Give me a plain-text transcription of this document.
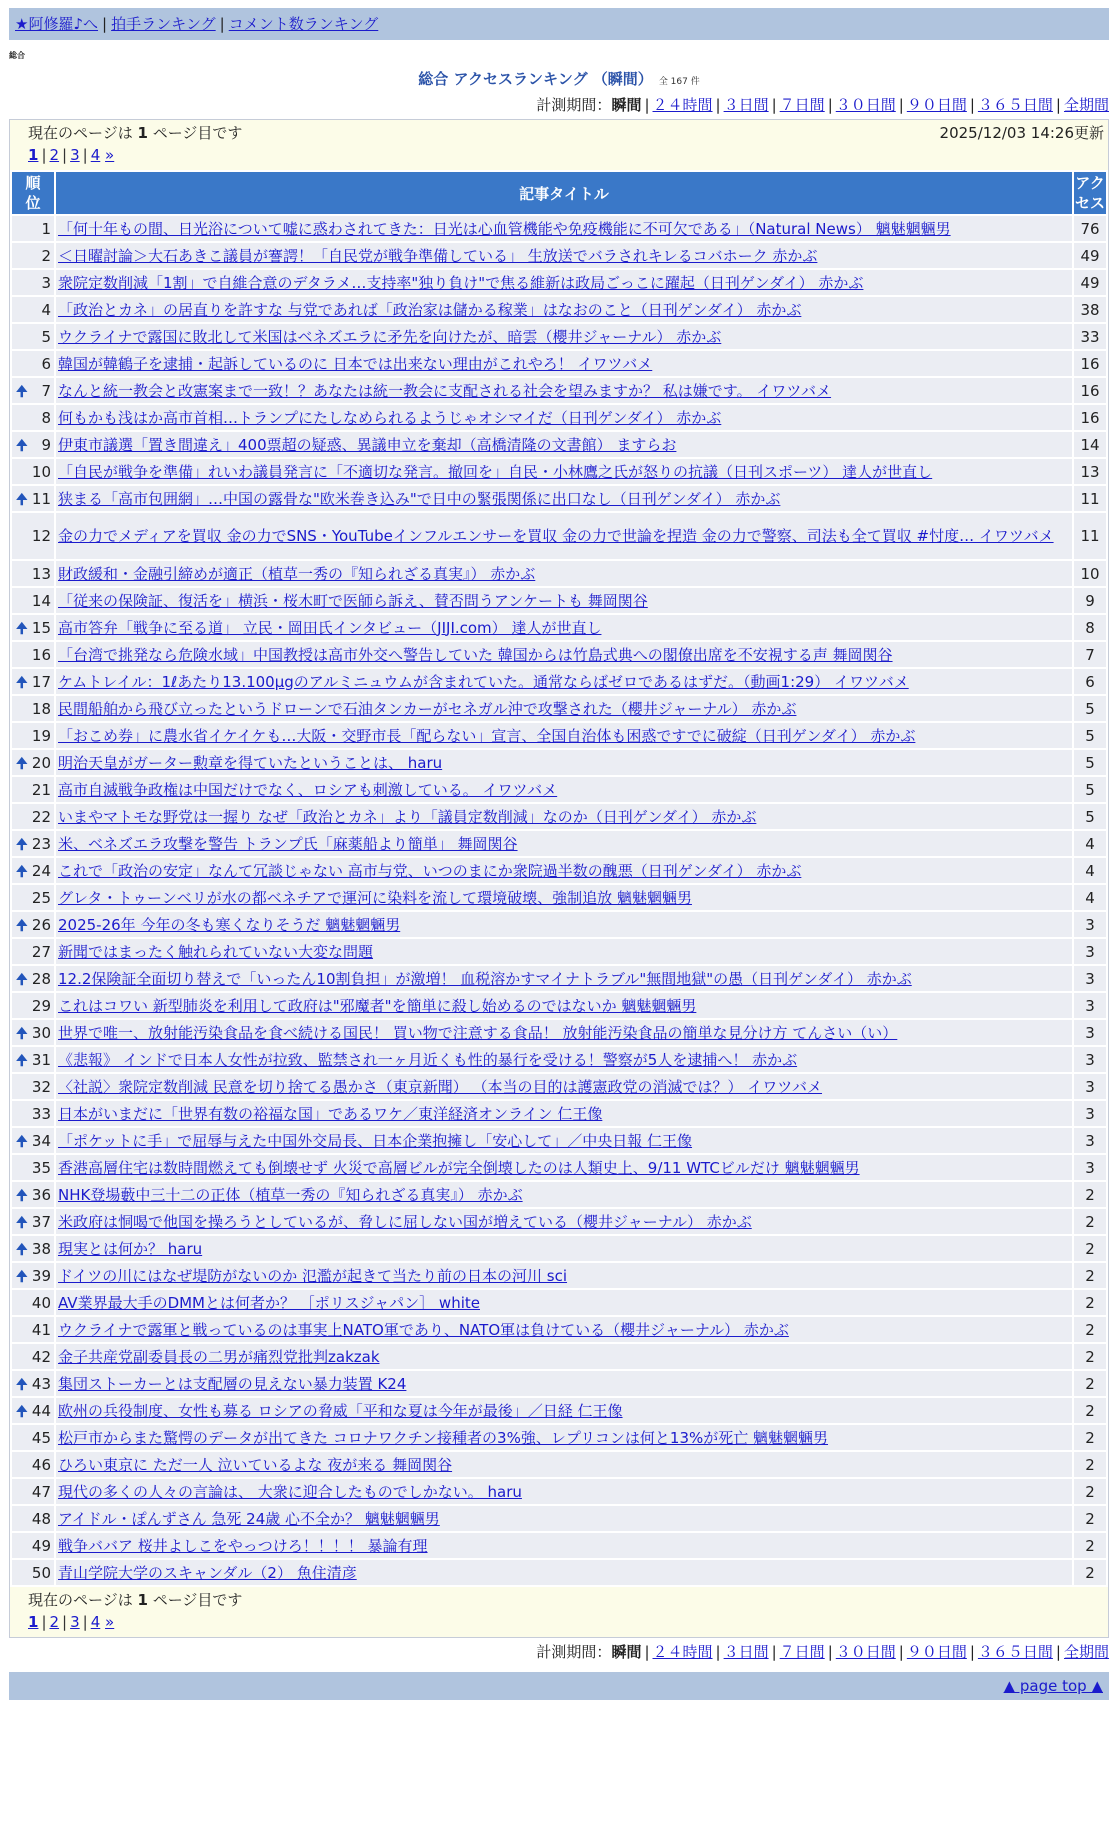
★阿修羅♪へ | 拍手ランキング | コメント数ランキング
総合
総合 アクセスランキング （瞬間） 全 167 件
計測期間：瞬間 | ２４時間 | ３日間 | ７日間 | ３０日間 | ９０日間 | ３６５日間 | 全期間
現在のページは 1 ページ目です	2025/12/03 14:26更新
1 | 2 | 3 | 4 »
順
位	記事タイトル	アク
セス
1	「何十年もの間、日光浴について嘘に惑わされてきた：日光は心血管機能や免疫機能に不可欠である」（Natural News） 魑魅魍魎男	76
2	＜日曜討論＞大石あきこ議員が謇諤！「自民党が戦争準備している」 生放送でバラされキレるコバホーク 赤かぶ	49
3	衆院定数削減「1割」で自維合意のデタラメ…支持率"独り負け"で焦る維新は政局ごっこに躍起（日刊ゲンダイ） 赤かぶ	49
4	「政治とカネ」の居直りを許すな 与党であれば「政治家は儲かる稼業」はなおのこと（日刊ゲンダイ） 赤かぶ	38
5	ウクライナで露国に敗北して米国はベネズエラに矛先を向けたが、暗雲（櫻井ジャーナル） 赤かぶ	33
6	韓国が韓鶴子を逮捕・起訴しているのに 日本では出来ない理由がこれやろ！ イワツバメ	16

🠉 7	なんと統一教会と改憲案まで一致！？あなたは統一教会に支配される社会を望みますか？ 私は嫌です。 イワツバメ	16
8	何もかも浅はか高市首相…トランプにたしなめられるようじゃオシマイだ（日刊ゲンダイ） 赤かぶ	16

🠉 9	伊東市議選「置き間違え」400票超の疑惑、異議申立を棄却（高橋清隆の文書館） ますらお	14
10	「自民が戦争を準備」れいわ議員発言に「不適切な発言。撤回を」自民・小林鷹之氏が怒りの抗議（日刊スポーツ） 達人が世直し	13

🠉 11	狭まる「高市包囲網」…中国の露骨な"欧米巻き込み"で日中の緊張関係に出口なし（日刊ゲンダイ） 赤かぶ	11
12	金の力でメディアを買収 金の力でSNS・YouTubeインフルエンサーを買収 金の力で世論を捏造 金の力で警察、司法も全て買収 #忖度… イワツバメ	11
13	財政緩和・金融引締めが適正（植草一秀の『知られざる真実』） 赤かぶ	10
14	「従来の保険証、復活を」横浜・桜木町で医師ら訴え、賛否問うアンケートも 舞岡関谷	9

🠉 15	高市答弁「戦争に至る道」 立民・岡田氏インタビュー（JIJI.com） 達人が世直し	8
16	「台湾で挑発なら危険水域」中国教授は高市外交へ警告していた 韓国からは竹島式典への閣僚出席を不安視する声 舞岡関谷	7

🠉 17	ケムトレイル：1ℓあたり13.100μgのアルミニュウムが含まれていた。通常ならばゼロであるはずだ。（動画1:29） イワツバメ	6
18	民間船舶から飛び立ったというドローンで石油タンカーがセネガル沖で攻撃された（櫻井ジャーナル） 赤かぶ	5
19	「おこめ券」に農水省イケイケも…大阪・交野市長「配らない」宣言、全国自治体も困惑ですでに破綻（日刊ゲンダイ） 赤かぶ	5

🠉 20	明治天皇がガーター勲章を得ていたということは、 haru	5
21	高市自滅戦争政権は中国だけでなく、ロシアも刺激している。 イワツバメ	5
22	いまやマトモな野党は一握り なぜ「政治とカネ」より「議員定数削減」なのか（日刊ゲンダイ） 赤かぶ	5

🠉 23	米、ベネズエラ攻撃を警告 トランプ氏「麻薬船より簡単」 舞岡関谷	4

🠉 24	これで「政治の安定」なんて冗談じゃない 高市与党、いつのまにか衆院過半数の醜悪（日刊ゲンダイ） 赤かぶ	4
25	グレタ・トゥーンベリが水の都ベネチアで運河に染料を流して環境破壊、強制追放 魑魅魍魎男	4

🠉 26	2025-26年 今年の冬も寒くなりそうだ 魑魅魍魎男	3
27	新聞ではまったく触れられていない大変な問題	3

🠉 28	12.2保険証全面切り替えで「いったん10割負担」が激増！ 血税溶かすマイナトラブル"無間地獄"の愚（日刊ゲンダイ） 赤かぶ	3
29	これはコワい 新型肺炎を利用して政府は"邪魔者"を簡単に殺し始めるのではないか 魑魅魍魎男	3

🠉 30	世界で唯一、放射能汚染食品を食べ続ける国民！ 買い物で注意する食品！ 放射能汚染食品の簡単な見分け方 てんさい（い）	3

🠉 31	《悲報》 インドで日本人女性が拉致、監禁され一ヶ月近くも性的暴行を受ける！警察が5人を逮捕へ！ 赤かぶ	3
32	〈社説〉衆院定数削減 民意を切り捨てる愚かさ（東京新聞） （本当の目的は護憲政党の消滅では？） イワツバメ	3
33	日本がいまだに「世界有数の裕福な国」であるワケ／東洋経済オンライン 仁王像	3

🠉 34	「ポケットに手」で屈辱与えた中国外交局長、日本企業抱擁し「安心して」／中央日報 仁王像	3
35	香港高層住宅は数時間燃えても倒壊せず 火災で高層ビルが完全倒壊したのは人類史上、9/11 WTCビルだけ 魑魅魍魎男	3

🠉 36	NHK登場藪中三十二の正体（植草一秀の『知られざる真実』） 赤かぶ	2

🠉 37	米政府は恫喝で他国を操ろうとしているが、脅しに屈しない国が増えている（櫻井ジャーナル） 赤かぶ	2

🠉 38	現実とは何か？ haru	2

🠉 39	ドイツの川にはなぜ堤防がないのか 氾濫が起きて当たり前の日本の河川 sci	2
40	AV業界最大手のDMMとは何者か？ ［ポリスジャパン］ white	2
41	ウクライナで露軍と戦っているのは事実上NATO軍であり、NATO軍は負けている（櫻井ジャーナル） 赤かぶ	2
42	金子共産党副委員長の二男が痛烈党批判zakzak	2

🠉 43	集団ストーカーとは支配層の見えない暴力装置 K24	2

🠉 44	欧州の兵役制度、女性も募る ロシアの脅威「平和な夏は今年が最後」／日経 仁王像	2
45	松戸市からまた驚愕のデータが出てきた コロナワクチン接種者の3%強、レプリコンは何と13%が死亡 魑魅魍魎男	2
46	ひろい東京に ただ一人 泣いているよな 夜が来る 舞岡関谷	2
47	現代の多くの人々の言論は、 大衆に迎合したものでしかない。 haru	2
48	アイドル・ぽんずさん 急死 24歳 心不全か？ 魑魅魍魎男	2
49	戦争ババア 桜井よしこをやっつけろ！！！！ 暴論有理	2
50	青山学院大学のスキャンダル（2） 魚住清彦	2
現在のページは 1 ページ目です
1 | 2 | 3 | 4 »
計測期間：瞬間 | ２４時間 | ３日間 | ７日間 | ３０日間 | ９０日間 | ３６５日間 | 全期間
▲ page top ▲
